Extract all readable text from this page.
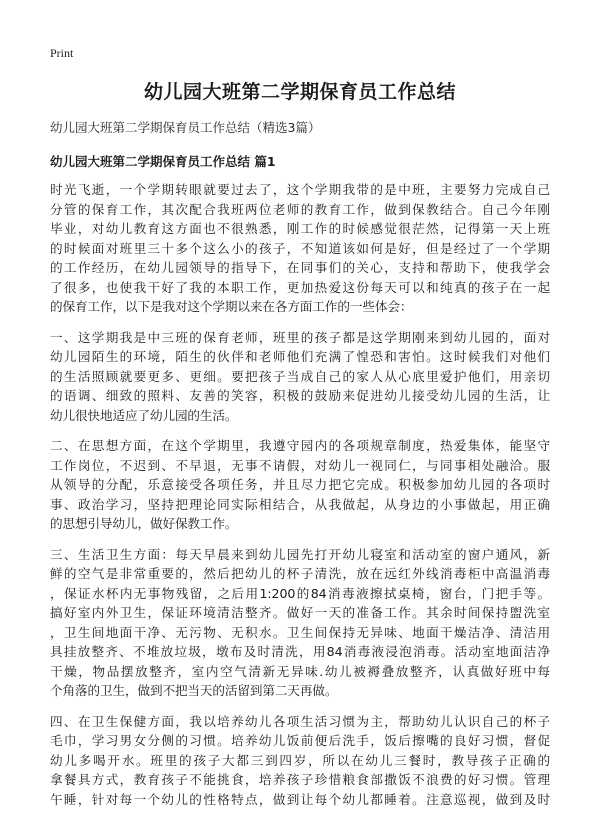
Print
幼儿园大班第二学期保育员工作总结
幼儿园大班第二学期保育员工作总结（精选3篇）
幼儿园大班第二学期保育员工作总结 篇1
时光飞逝，一个学期转眼就要过去了，这个学期我带的是中班，主要努力完成自己
分管的保育工作，其次配合我班两位老师的教育工作，做到保教结合。自己今年刚
毕业，对幼儿教育这方面也不很熟悉，刚工作的时候感觉很茫然，记得第一天上班
的时候面对班里三十多个这么小的孩子，不知道该如何是好，但是经过了一个学期
的工作经历，在幼儿园领导的指导下，在同事们的关心，支持和帮助下，使我学会
了很多，也使我干好了我的本职工作，更加热爱这份每天可以和纯真的孩子在一起
的保育工作，以下是我对这个学期以来在各方面工作的一些体会：
一、这学期我是中三班的保育老师，班里的孩子都是这学期刚来到幼儿园的，面对
幼儿园陌生的环境，陌生的伙伴和老师他们充满了惶恐和害怕。这时候我们对他们
的生活照顾就要更多、更细。要把孩子当成自己的家人从心底里爱护他们，用亲切
的语调、细致的照料、友善的笑容，积极的鼓励来促进幼儿接受幼儿园的生活，让
幼儿很快地适应了幼儿园的生活。
二、在思想方面，在这个学期里，我遵守园内的各项规章制度，热爱集体，能坚守
工作岗位，不迟到、不早退，无事不请假，对幼儿一视同仁，与同事相处融洽。服
从领导的分配，乐意接受各项任务，并且尽力把它完成。积极参加幼儿园的各项时
事、政治学习，坚持把理论同实际相结合，从我做起，从身边的小事做起，用正确
的思想引导幼儿，做好保教工作。
三、生活卫生方面：每天早晨来到幼儿园先打开幼儿寝室和活动室的窗户通风，新
鲜的空气是非常重要的，然后把幼儿的杯子清洗，放在远红外线消毒柜中高温消毒
，保证水杯内无事物残留，之后用1:200的84消毒液擦拭桌椅，窗台，门把手等。
搞好室内外卫生，保证环境清洁整齐。做好一天的准备工作。其余时间保持盥洗室
，卫生间地面干净、无污物、无积水。卫生间保持无异味、地面干燥洁净、清洁用
具挂放整齐、不堆放垃圾，墩布及时清洗，用84消毒液浸泡消毒。活动室地面洁净
干燥，物品摆放整齐，室内空气清新无异味.幼儿被褥叠放整齐，认真做好班中每
个角落的卫生，做到不把当天的活留到第二天再做。
四、在卫生保健方面，我以培养幼儿各项生活习惯为主，帮助幼儿认识自己的杯子
毛巾，学习男女分侧的习惯。培养幼儿饭前便后洗手，饭后擦嘴的良好习惯，督促
幼儿多喝开水。班里的孩子大都三到四岁，所以在幼儿三餐时，教导孩子正确的
拿餐具方式，教育孩子不能挑食，培养孩子珍惜粮食部撒饭不浪费的好习惯。管理
午睡，针对每一个幼儿的性格特点，做到让每个幼儿都睡着。注意巡视，做到及时
